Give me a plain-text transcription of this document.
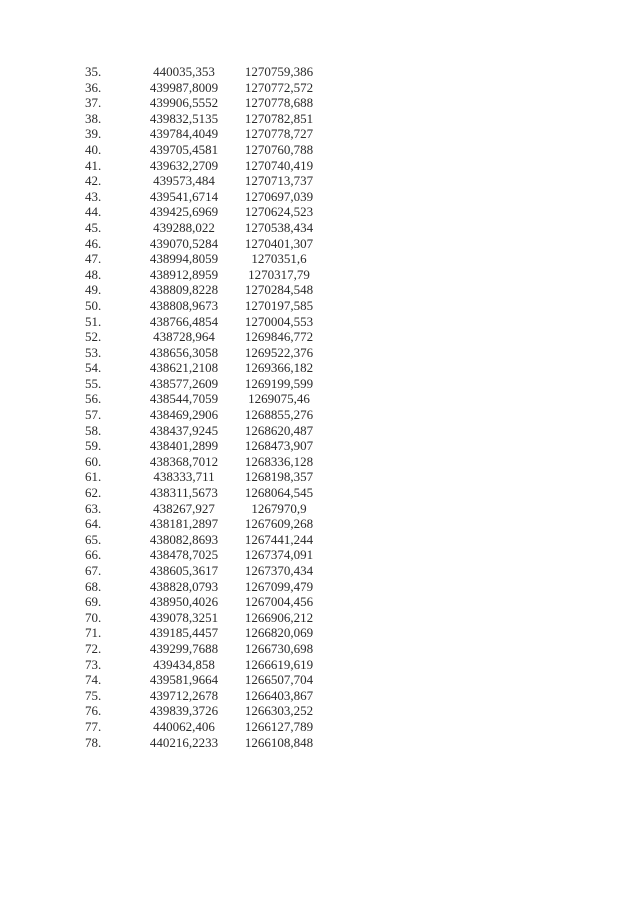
35.	440035,353	1270759,386
36.	439987,8009	1270772,572
37.	439906,5552	1270778,688
38.	439832,5135	1270782,851
39.	439784,4049	1270778,727
40.	439705,4581	1270760,788
41.	439632,2709	1270740,419
42.	439573,484	1270713,737
43.	439541,6714	1270697,039
44.	439425,6969	1270624,523
45.	439288,022	1270538,434
46.	439070,5284	1270401,307
47.	438994,8059	1270351,6
48.	438912,8959	1270317,79
49.	438809,8228	1270284,548
50.	438808,9673	1270197,585
51.	438766,4854	1270004,553
52.	438728,964	1269846,772
53.	438656,3058	1269522,376
54.	438621,2108	1269366,182
55.	438577,2609	1269199,599
56.	438544,7059	1269075,46
57.	438469,2906	1268855,276
58.	438437,9245	1268620,487
59.	438401,2899	1268473,907
60.	438368,7012	1268336,128
61.	438333,711	1268198,357
62.	438311,5673	1268064,545
63.	438267,927	1267970,9
64.	438181,2897	1267609,268
65.	438082,8693	1267441,244
66.	438478,7025	1267374,091
67.	438605,3617	1267370,434
68.	438828,0793	1267099,479
69.	438950,4026	1267004,456
70.	439078,3251	1266906,212
71.	439185,4457	1266820,069
72.	439299,7688	1266730,698
73.	439434,858	1266619,619
74.	439581,9664	1266507,704
75.	439712,2678	1266403,867
76.	439839,3726	1266303,252
77.	440062,406	1266127,789
78.	440216,2233	1266108,848
